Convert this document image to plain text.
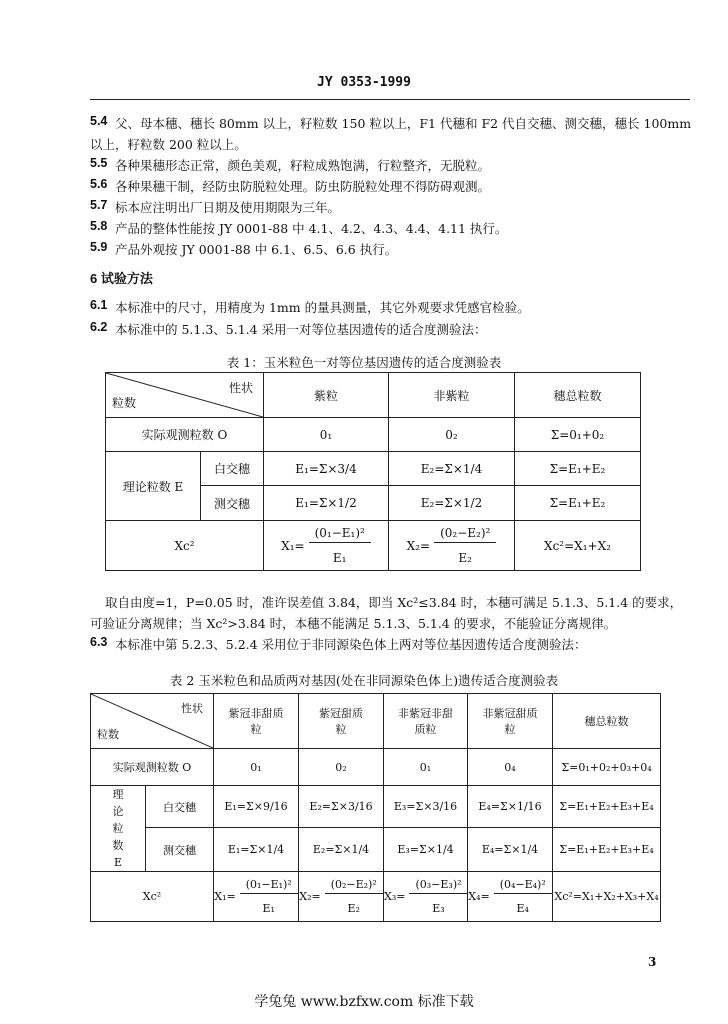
JY 0353-1999
5.4 父、母本穗、穗长 80mm 以上，籽粒数 150 粒以上，F1 代穗和 F2 代自交穗、测交穗，穗长 100mm
以上，籽粒数 200 粒以上。
5.5 各种果穗形态正常，颜色美观，籽粒成熟饱满，行粒整齐，无脱粒。
5.6 各种果穗干制，经防虫防脱粒处理。防虫防脱粒处理不得防碍观测。
5.7 标本应注明出厂日期及使用期限为三年。
5.8 产品的整体性能按 JY 0001-88 中 4.1、4.2、4.3、4.4、4.11 执行。
5.9 产品外观按 JY 0001-88 中 6.1、6.5、6.6 执行。
6 试验方法
6.1 本标准中的尺寸，用精度为 1mm 的量具测量，其它外观要求凭感官检验。
6.2 本标准中的 5.1.3、5.1.4 采用一对等位基因遗传的适合度测验法：
表 1：玉米粒色一对等位基因遗传的适合度测验表
性状
粒数		紫粒	非紫粒	穗总粒数
实际观测粒数 O		0₁	0₂	Σ=0₁+0₂
理论粒数 E	白交穗	E₁=Σ×3/4	E₂=Σ×1/4	Σ=E₁+E₂
	测交穗	E₁=Σ×1/2	E₂=Σ×1/2	Σ=E₁+E₂
Xc²		$X_1= \frac{\text{(0₁−E₁)²}}{\text{E₁}}$	$X_2= \frac{\text{(0₂−E₂)²}}{\text{E₂}}$	Xc²=X₁+X₂
取自由度=1，P=0.05 时，准许误差值 3.84，即当 Xc²≤3.84 时，本穗可满足 5.1.3、5.1.4 的要求，
可验证分离规律；当 Xc²>3.84 时，本穗不能满足 5.1.3、5.1.4 的要求，不能验证分离规律。
6.3 本标准中第 5.2.3、5.2.4 采用位于非同源染色体上两对等位基因遗传适合度测验法：
表 2 玉米粒色和品质两对基因(处在非同源染色体上)遗传适合度测验表
性状
粒数		紫冠非甜质粒	紫冠甜质粒	非紫冠非甜质粒	非紫冠甜质粒	穗总粒数
实际观测粒数 O		0₁	0₂	0₁	0₄	Σ=0₁+0₂+0₃+0₄

理论粒数E	白交穗	E₁=Σ×9/16	E₂=Σ×3/16	E₃=Σ×3/16	E₄=Σ×1/16	Σ=E₁+E₂+E₃+E₄
	测交穗	E₁=Σ×1/4	E₂=Σ×1/4	E₃=Σ×1/4	E₄=Σ×1/4	Σ=E₁+E₂+E₃+E₄
Xc²		$X_1= \frac{\text{(0₁−E₁)²}}{\text{E₁}}$	$X_2= \frac{\text{(0₂−E₂)²}}{\text{E₂}}$	$X_3= \frac{\text{(0₃−E₃)²}}{\text{E₃}}$	$X_4= \frac{\text{(0₄−E₄)²}}{\text{E₄}}$	Xc²=X₁+X₂+X₃+X₄
3
学兔兔 www.bzfxw.com 标准下载
